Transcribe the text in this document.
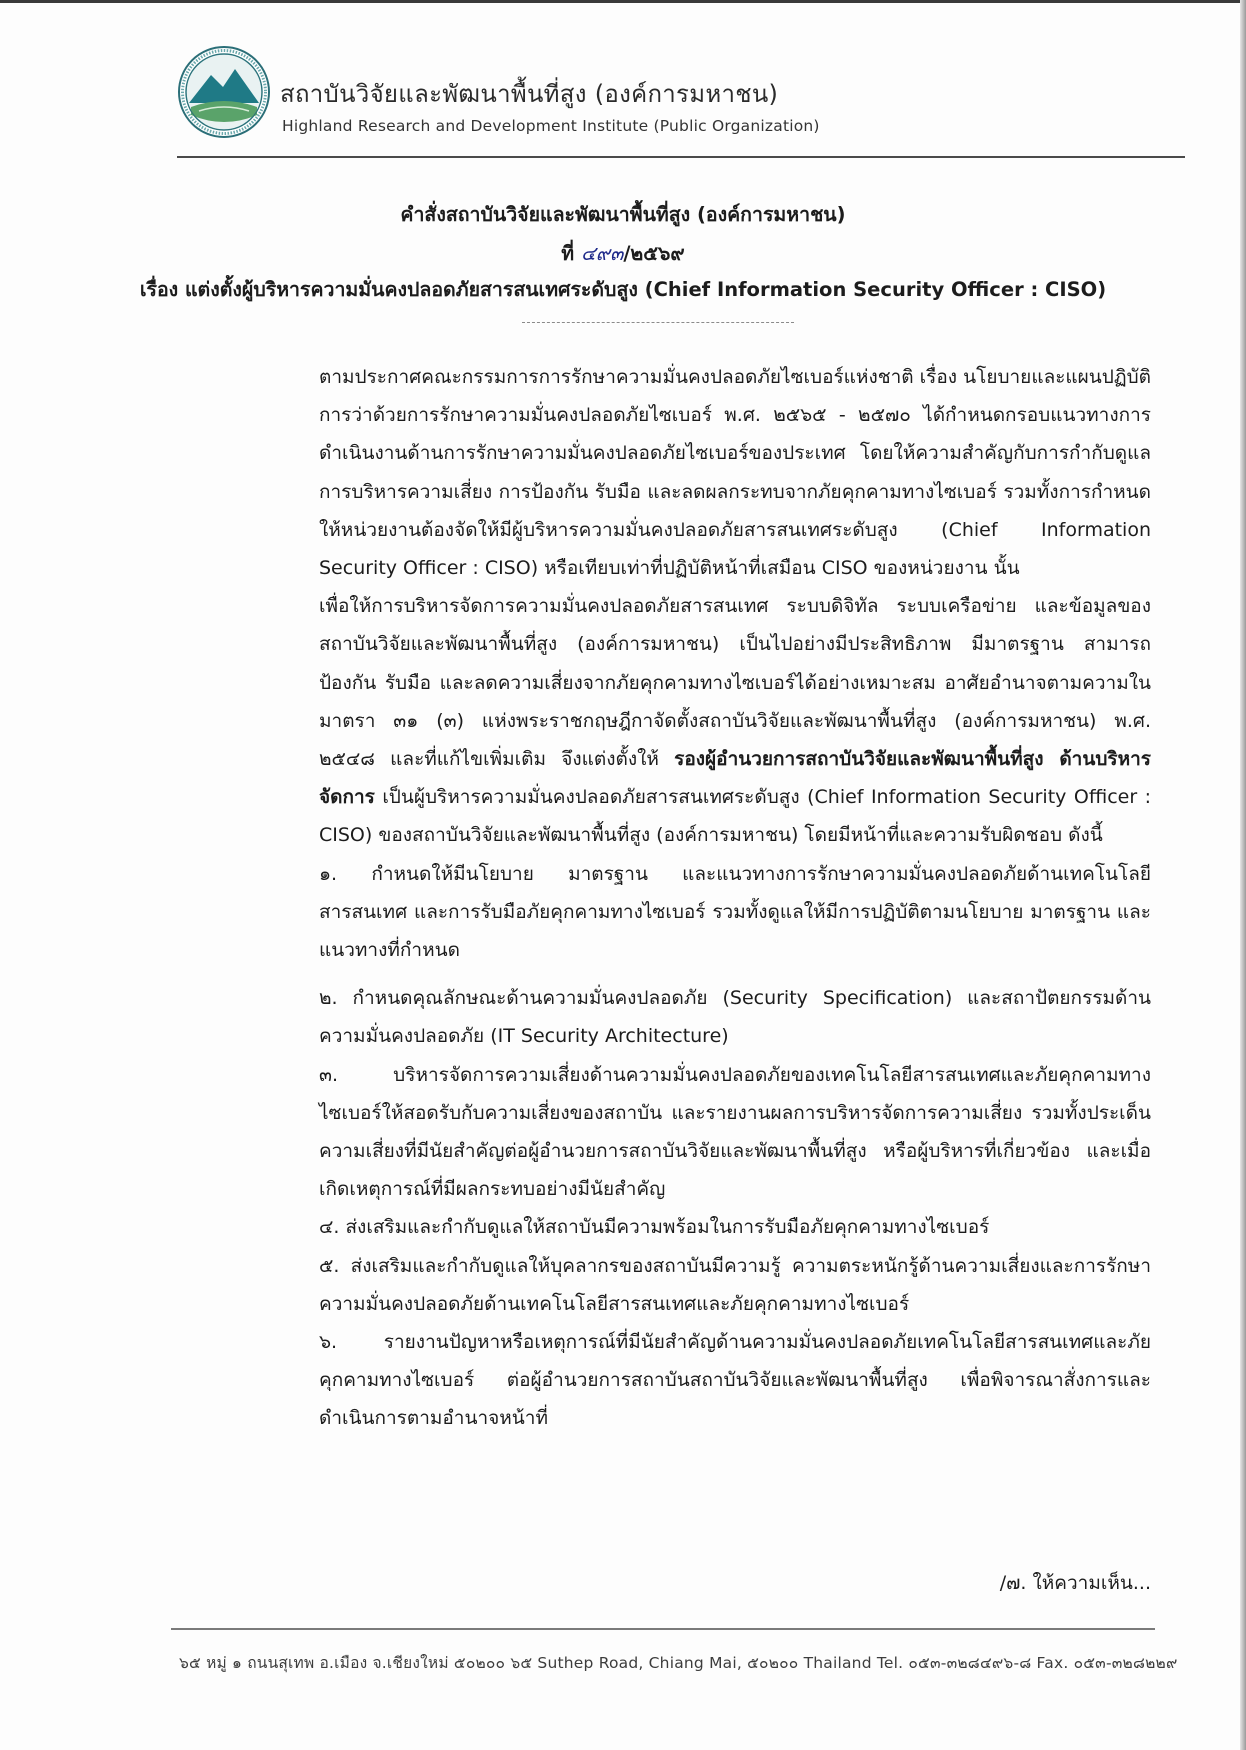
สถาบันวิจัยและพัฒนาพื้นที่สูง (องค์การมหาชน)
Highland Research and Development Institute (Public Organization)
คำสั่งสถาบันวิจัยและพัฒนาพื้นที่สูง (องค์การมหาชน)
ที่ ๔๙๓/๒๕๖๙
เรื่อง แต่งตั้งผู้บริหารความมั่นคงปลอดภัยสารสนเทศระดับสูง (Chief Information Security Officer : CISO)

ตามประกาศคณะกรรมการการรักษาความมั่นคงปลอดภัยไซเบอร์แห่งชาติ เรื่อง นโยบายและแผนปฏิบัติการว่าด้วยการรักษาความมั่นคงปลอดภัยไซเบอร์ พ.ศ. ๒๕๖๕ - ๒๕๗๐ ได้กำหนดกรอบแนวทางการดำเนินงานด้านการรักษาความมั่นคงปลอดภัยไซเบอร์ของประเทศ โดยให้ความสำคัญกับการกำกับดูแล การบริหารความเสี่ยง การป้องกัน รับมือ และลดผลกระทบจากภัยคุกคามทางไซเบอร์ รวมทั้งการกำหนดให้หน่วยงานต้องจัดให้มีผู้บริหารความมั่นคงปลอดภัยสารสนเทศระดับสูง (Chief Information Security Officer : CISO) หรือเทียบเท่าที่ปฏิบัติหน้าที่เสมือน CISO ของหน่วยงาน นั้น

เพื่อให้การบริหารจัดการความมั่นคงปลอดภัยสารสนเทศ ระบบดิจิทัล ระบบเครือข่าย และข้อมูลของสถาบันวิจัยและพัฒนาพื้นที่สูง (องค์การมหาชน) เป็นไปอย่างมีประสิทธิภาพ มีมาตรฐาน สามารถป้องกัน รับมือ และลดความเสี่ยงจากภัยคุกคามทางไซเบอร์ได้อย่างเหมาะสม อาศัยอำนาจตามความในมาตรา ๓๑ (๓) แห่งพระราชกฤษฎีกาจัดตั้งสถาบันวิจัยและพัฒนาพื้นที่สูง (องค์การมหาชน) พ.ศ. ๒๕๔๘ และที่แก้ไขเพิ่มเติม จึงแต่งตั้งให้ รองผู้อำนวยการสถาบันวิจัยและพัฒนาพื้นที่สูง ด้านบริหารจัดการ เป็นผู้บริหารความมั่นคงปลอดภัยสารสนเทศระดับสูง (Chief Information Security Officer : CISO) ของสถาบันวิจัยและพัฒนาพื้นที่สูง (องค์การมหาชน) โดยมีหน้าที่และความรับผิดชอบ ดังนี้

๑. กำหนดให้มีนโยบาย มาตรฐาน และแนวทางการรักษาความมั่นคงปลอดภัยด้านเทคโนโลยีสารสนเทศ และการรับมือภัยคุกคามทางไซเบอร์ รวมทั้งดูแลให้มีการปฏิบัติตามนโยบาย มาตรฐาน และแนวทางที่กำหนด

๒. กำหนดคุณลักษณะด้านความมั่นคงปลอดภัย (Security Specification) และสถาปัตยกรรมด้านความมั่นคงปลอดภัย (IT Security Architecture)

๓. บริหารจัดการความเสี่ยงด้านความมั่นคงปลอดภัยของเทคโนโลยีสารสนเทศและภัยคุกคามทางไซเบอร์ให้สอดรับกับความเสี่ยงของสถาบัน และรายงานผลการบริหารจัดการความเสี่ยง รวมทั้งประเด็นความเสี่ยงที่มีนัยสำคัญต่อผู้อำนวยการสถาบันวิจัยและพัฒนาพื้นที่สูง หรือผู้บริหารที่เกี่ยวข้อง และเมื่อเกิดเหตุการณ์ที่มีผลกระทบอย่างมีนัยสำคัญ

๔. ส่งเสริมและกำกับดูแลให้สถาบันมีความพร้อมในการรับมือภัยคุกคามทางไซเบอร์

๕. ส่งเสริมและกำกับดูแลให้บุคลากรของสถาบันมีความรู้ ความตระหนักรู้ด้านความเสี่ยงและการรักษาความมั่นคงปลอดภัยด้านเทคโนโลยีสารสนเทศและภัยคุกคามทางไซเบอร์

๖. รายงานปัญหาหรือเหตุการณ์ที่มีนัยสำคัญด้านความมั่นคงปลอดภัยเทคโนโลยีสารสนเทศและภัยคุกคามทางไซเบอร์ ต่อผู้อำนวยการสถาบันสถาบันวิจัยและพัฒนาพื้นที่สูง เพื่อพิจารณาสั่งการและดำเนินการตามอำนาจหน้าที่

/๗. ให้ความเห็น...
๖๕ หมู่ ๑ ถนนสุเทพ อ.เมือง จ.เชียงใหม่ ๕๐๒๐๐ ๖๕ Suthep Road, Chiang Mai, ๕๐๒๐๐ Thailand Tel. ๐๕๓-๓๒๘๔๙๖-๘ Fax. ๐๕๓-๓๒๘๒๒๙
